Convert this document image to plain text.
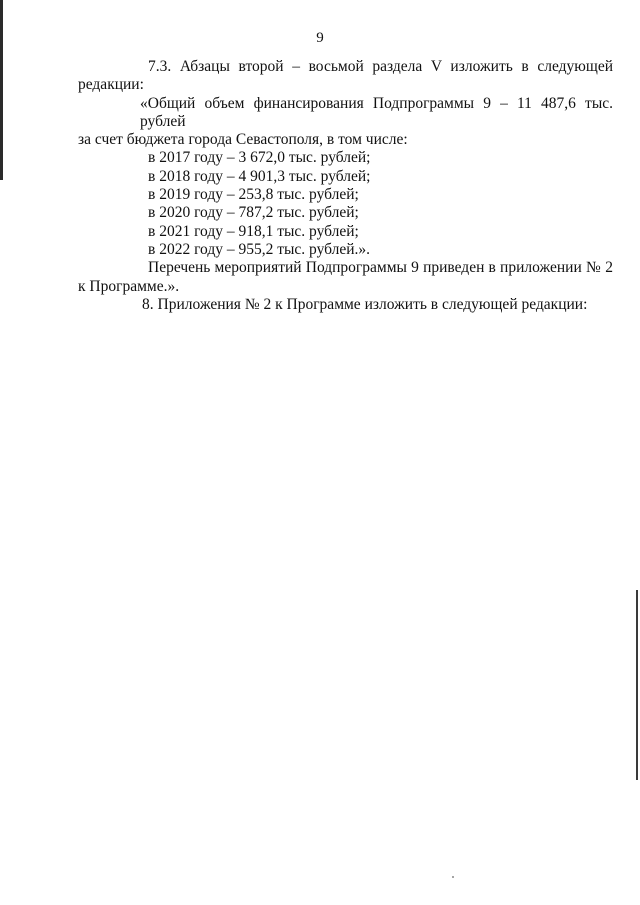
9

7.3. Абзацы второй – восьмой раздела V изложить в следующей

редакции:

«Общий объем финансирования Подпрограммы 9 – 11 487,6 тыс. рублей

за счет бюджета города Севастополя, в том числе:

в 2017 году – 3 672,0 тыс. рублей;

в 2018 году – 4 901,3 тыс. рублей;

в 2019 году – 253,8 тыс. рублей;

в 2020 году – 787,2 тыс. рублей;

в 2021 году – 918,1 тыс. рублей;

в 2022 году – 955,2 тыс. рублей.».

Перечень мероприятий Подпрограммы 9 приведен в приложении № 2

к Программе.».

8. Приложения № 2 к Программе изложить в следующей редакции:
